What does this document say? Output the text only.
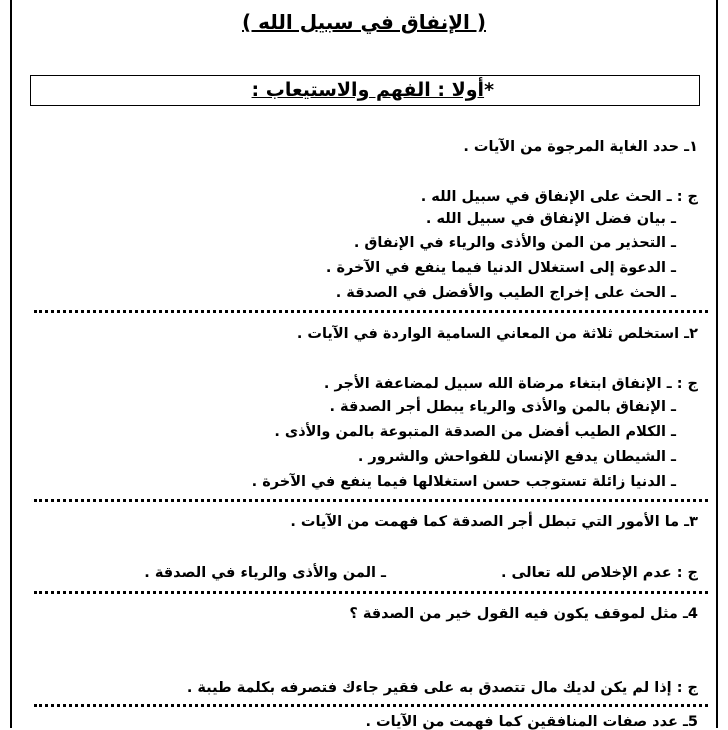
( الإنفاق في سبيل الله )
*أولا : الفهم والاستيعاب :
١ـ حدد الغاية المرجوة من الآيات .
ج : ـ الحث على الإنفاق في سبيل الله .
ـ بيان فضل الإنفاق في سبيل الله .
ـ التحذير من المن والأذى والرياء في الإنفاق .
ـ الدعوة إلى استغلال الدنيا فيما ينفع في الآخرة .
ـ الحث على إخراج الطيب والأفضل في الصدقة .
٢ـ استخلص ثلاثة من المعاني السامية الواردة في الآيات .
ج : ـ الإنفاق ابتغاء مرضاة الله سبيل لمضاعفة الأجر .
ـ الإنفاق بالمن والأذى والرياء يبطل أجر الصدقة .
ـ الكلام الطيب أفضل من الصدقة المتبوعة بالمن والأذى .
ـ الشيطان يدفع الإنسان للفواحش والشرور .
ـ الدنيا زائلة تستوجب حسن استغلالها فيما ينفع في الآخرة .
٣ـ ما الأمور التي تبطل أجر الصدقة كما فهمت من الآيات .
ج : عدم الإخلاص لله تعالى .
ـ المن والأذى والرياء في الصدقة .
4ـ مثل لموقف يكون فيه القول خير من الصدقة ؟
ج : إذا لم يكن لديك مال تتصدق به على فقير جاءك فتصرفه بكلمة طيبة .
5ـ عدد صفات المنافقين كما فهمت من الآيات .
